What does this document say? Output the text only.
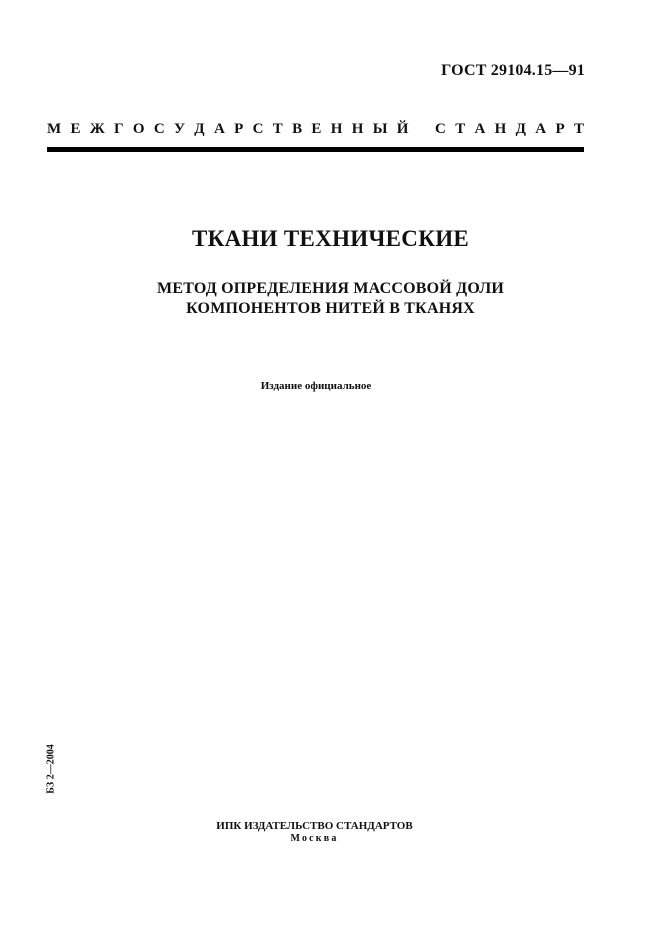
ГОСТ 29104.15—91
М Е Ж Г О С У Д А Р С Т В Е Н Н Ы Й С Т А Н Д А Р Т
ТКАНИ ТЕХНИЧЕСКИЕ
МЕТОД ОПРЕДЕЛЕНИЯ МАССОВОЙ ДОЛИ
КОМПОНЕНТОВ НИТЕЙ В ТКАНЯХ
Издание официальное
БЗ 2—2004
ИПК ИЗДАТЕЛЬСТВО СТАНДАРТОВ
Москва
